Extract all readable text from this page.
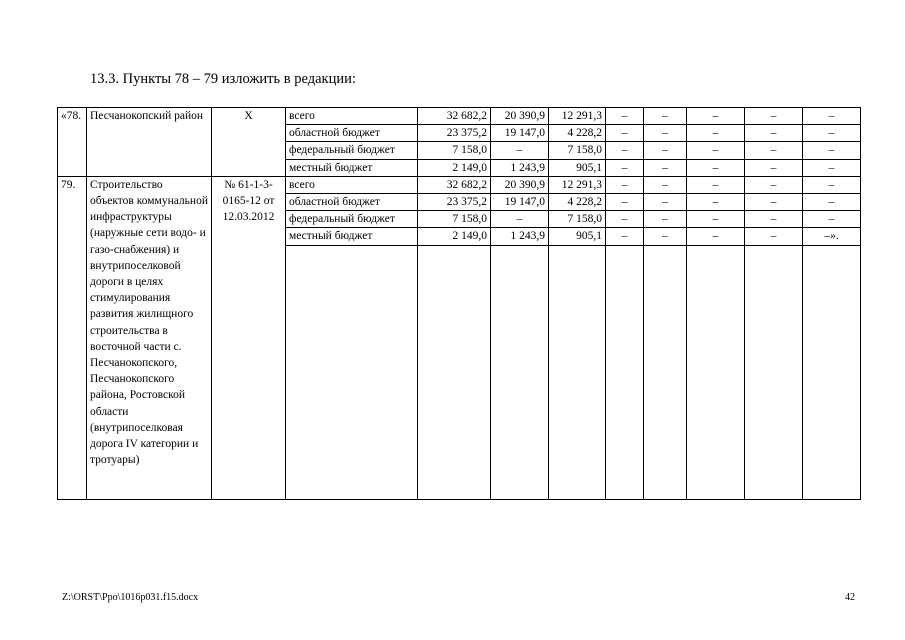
13.3. Пункты 78 – 79 изложить в редакции:
«78.	Песчанокопский район	Х	всего	32 682,2	20 390,9	12 291,3	–	–	–	–	–
			областной бюджет	23 375,2	19 147,0	4 228,2	–	–	–	–	–
			федеральный бюджет	7 158,0	–	7 158,0	–	–	–	–	–
			местный бюджет	2 149,0	1 243,9	905,1	–	–	–	–	–
79.	Строительство объектов коммунальной инфраструктуры (наружные сети водо- и газо-снабжения) и внутрипоселковой дороги в целях стимулирования развития жилищного строительства в восточной части с. Песчанокопского, Песчанокопского района, Ростовской области (внутрипоселковая дорога IV категории и тротуары)	№ 61-1-3-0165-12 от 12.03.2012	всего	32 682,2	20 390,9	12 291,3	–	–	–	–	–
			областной бюджет	23 375,2	19 147,0	4 228,2	–	–	–	–	–
			федеральный бюджет	7 158,0	–	7 158,0	–	–	–	–	–
			местный бюджет	2 149,0	1 243,9	905,1	–	–	–	–	–».

Z:\ORST\Ppo\1016p031.f15.docx	42
